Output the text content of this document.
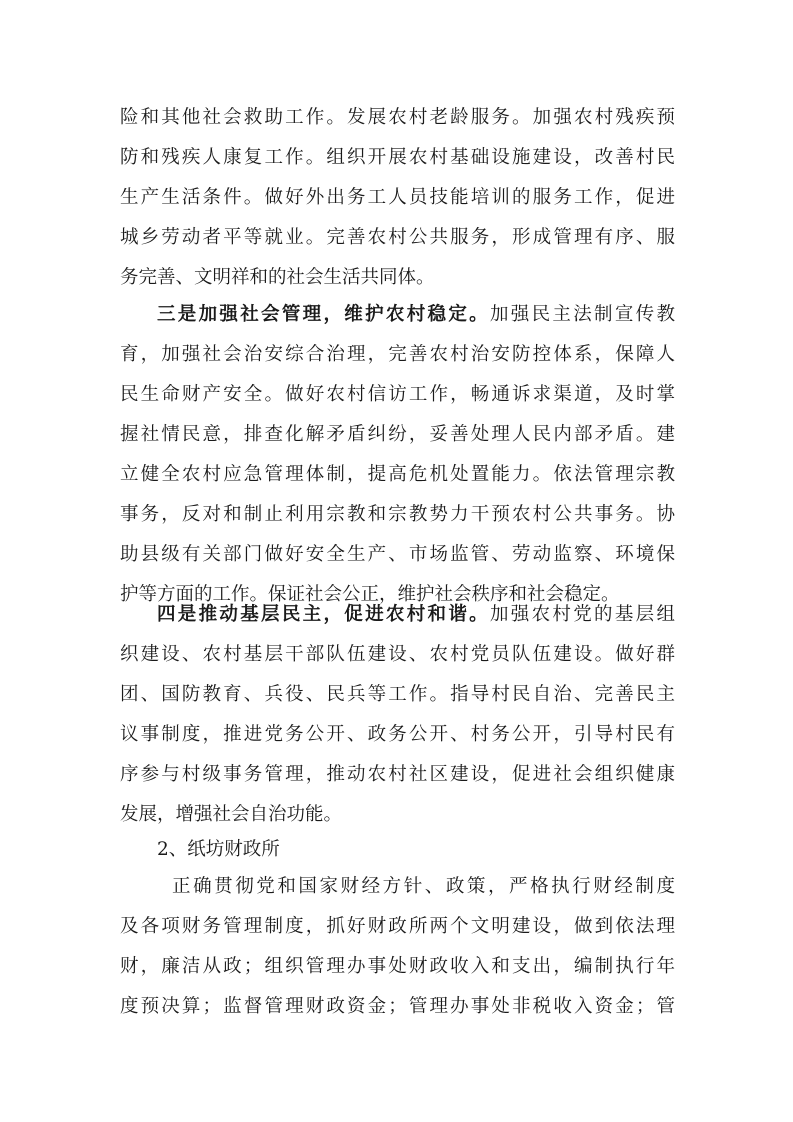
险和其他社会救助工作。发展农村老龄服务。加强农村残疾预
防和残疾人康复工作。组织开展农村基础设施建设，改善村民
生产生活条件。做好外出务工人员技能培训的服务工作，促进
城乡劳动者平等就业。完善农村公共服务，形成管理有序、服
务完善、文明祥和的社会生活共同体。
三是加强社会管理，维护农村稳定。加强民主法制宣传教
育，加强社会治安综合治理，完善农村治安防控体系，保障人
民生命财产安全。做好农村信访工作，畅通诉求渠道，及时掌
握社情民意，排查化解矛盾纠纷，妥善处理人民内部矛盾。建
立健全农村应急管理体制，提高危机处置能力。依法管理宗教
事务，反对和制止利用宗教和宗教势力干预农村公共事务。协
助县级有关部门做好安全生产、市场监管、劳动监察、环境保
护等方面的工作。保证社会公正，维护社会秩序和社会稳定。
四是推动基层民主，促进农村和谐。加强农村党的基层组
织建设、农村基层干部队伍建设、农村党员队伍建设。做好群
团、国防教育、兵役、民兵等工作。指导村民自治、完善民主
议事制度，推进党务公开、政务公开、村务公开，引导村民有
序参与村级事务管理，推动农村社区建设，促进社会组织健康
发展，增强社会自治功能。
2、纸坊财政所
正确贯彻党和国家财经方针、政策，严格执行财经制度
及各项财务管理制度，抓好财政所两个文明建设，做到依法理
财，廉洁从政；组织管理办事处财政收入和支出，编制执行年
度预决算；监督管理财政资金；管理办事处非税收入资金；管
